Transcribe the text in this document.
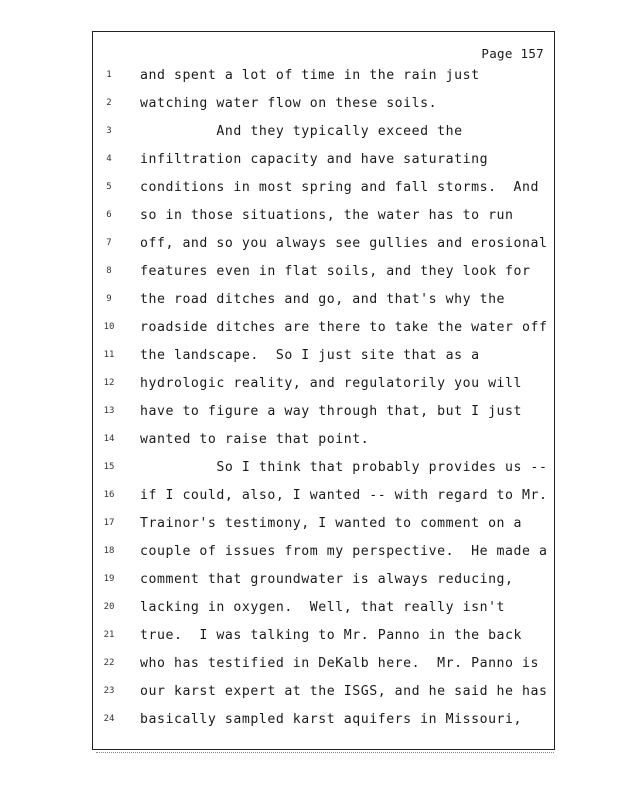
Page 157
1	and spent a lot of time in the rain just
2	watching water flow on these soils.
3	And they typically exceed the
4	infiltration capacity and have saturating
5	conditions in most spring and fall storms.  And
6	so in those situations, the water has to run
7	off, and so you always see gullies and erosional
8	features even in flat soils, and they look for
9	the road ditches and go, and that's why the
10	roadside ditches are there to take the water off
11	the landscape.  So I just site that as a
12	hydrologic reality, and regulatorily you will
13	have to figure a way through that, but I just
14	wanted to raise that point.
15	So I think that probably provides us --
16	if I could, also, I wanted -- with regard to Mr.
17	Trainor's testimony, I wanted to comment on a
18	couple of issues from my perspective.  He made a
19	comment that groundwater is always reducing,
20	lacking in oxygen.  Well, that really isn't
21	true.  I was talking to Mr. Panno in the back
22	who has testified in DeKalb here.  Mr. Panno is
23	our karst expert at the ISGS, and he said he has
24	basically sampled karst aquifers in Missouri,
